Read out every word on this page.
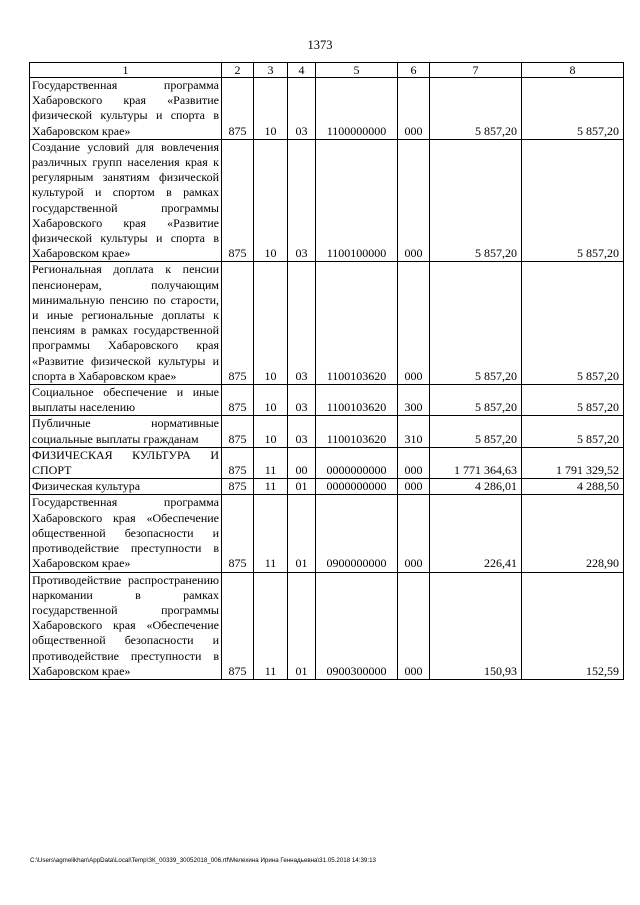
1373
1	2	3	4	5	6	7	8
Государственная программа Хабаровского края «Развитие физической культуры и спорта в Хабаровском крае»	875	10	03	1100000000	000	5 857,20	5 857,20
Создание условий для вовлечения различных групп населения края к регулярным занятиям физической культурой и спортом в рамках государственной программы Хабаровского края «Развитие физической культуры и спорта в Хабаровском крае»	875	10	03	1100100000	000	5 857,20	5 857,20
Региональная доплата к пенсии пенсионерам, получающим минимальную пенсию по старости, и иные региональные доплаты к пенсиям в рамках государственной программы Хабаровского края «Развитие физической культуры и спорта в Хабаровском крае»	875	10	03	1100103620	000	5 857,20	5 857,20
Социальное обеспечение и иные выплаты населению	875	10	03	1100103620	300	5 857,20	5 857,20
Публичные нормативные социальные выплаты гражданам	875	10	03	1100103620	310	5 857,20	5 857,20
ФИЗИЧЕСКАЯ КУЛЬТУРА И СПОРТ	875	11	00	0000000000	000	1 771 364,63	1 791 329,52
Физическая культура	875	11	01	0000000000	000	4 286,01	4 288,50
Государственная программа Хабаровского края «Обеспечение общественной безопасности и противодействие преступности в Хабаровском крае»	875	11	01	0900000000	000	226,41	228,90
Противодействие распространению наркомании в рамках государственной программы Хабаровского края «Обеспечение общественной безопасности и противодействие преступности в Хабаровском крае»	875	11	01	0900300000	000	150,93	152,59
C:\Users\agmelikhan\AppData\Local\Temp\ЗК_00339_30052018_006.rtf\Мелехина Ирина Геннадьевна\31.05.2018 14:39:13
